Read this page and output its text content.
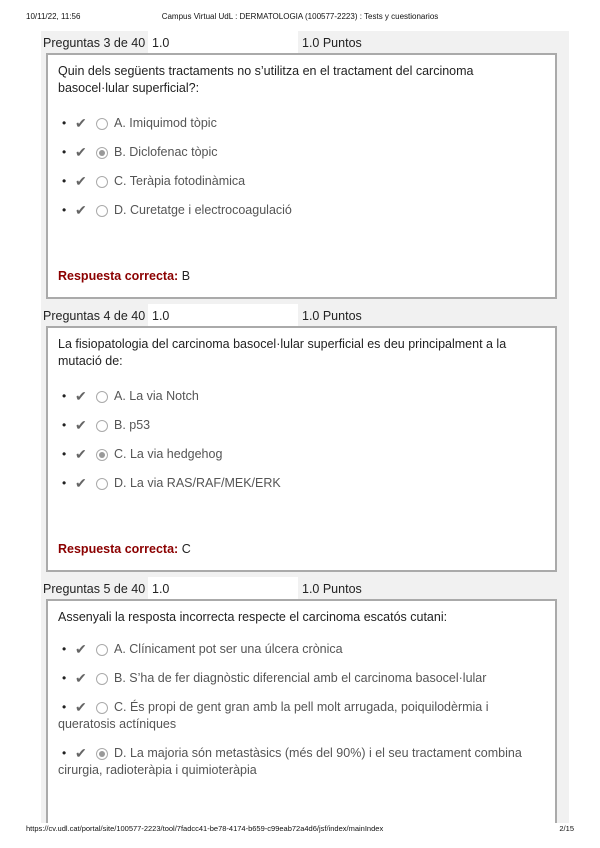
10/11/22, 11:56	Campus Virtual UdL : DERMATOLOGIA (100577-2223) : Tests y cuestionarios
Preguntas 3 de 40 1.0	1.0 Puntos
Quin dels següents tractaments no s’utilitza en el tractament del carcinoma basocel·lular superficial?:
• ✔ A. Imiquimod tòpic
• ✔ B. Diclofenac tòpic
• ✔ C. Teràpia fotodinàmica
• ✔ D. Curetatge i electrocoagulació
Respuesta correcta: B
Preguntas 4 de 40 1.0	1.0 Puntos
La fisiopatologia del carcinoma basocel·lular superficial es deu principalment a la mutació de:
• ✔ A. La via Notch
• ✔ B. p53
• ✔ C. La via hedgehog
• ✔ D. La via RAS/RAF/MEK/ERK
Respuesta correcta: C
Preguntas 5 de 40 1.0	1.0 Puntos
Assenyali la resposta incorrecta respecte el carcinoma escatós cutani:
• ✔ A. Clínicament pot ser una úlcera crònica
• ✔ B. S’ha de fer diagnòstic diferencial amb el carcinoma basocel·lular
• ✔	C. És propi de gent gran amb la pell molt arrugada, poiquilodèrmia i queratosis actíniques
• ✔	D. La majoria són metastàsics (més del 90%) i el seu tractament combina cirurgia, radioteràpia i quimioteràpia
https://cv.udl.cat/portal/site/100577-2223/tool/7fadcc41-be78-4174-b659-c99eab72a4d6/jsf/index/mainIndex	2/15
